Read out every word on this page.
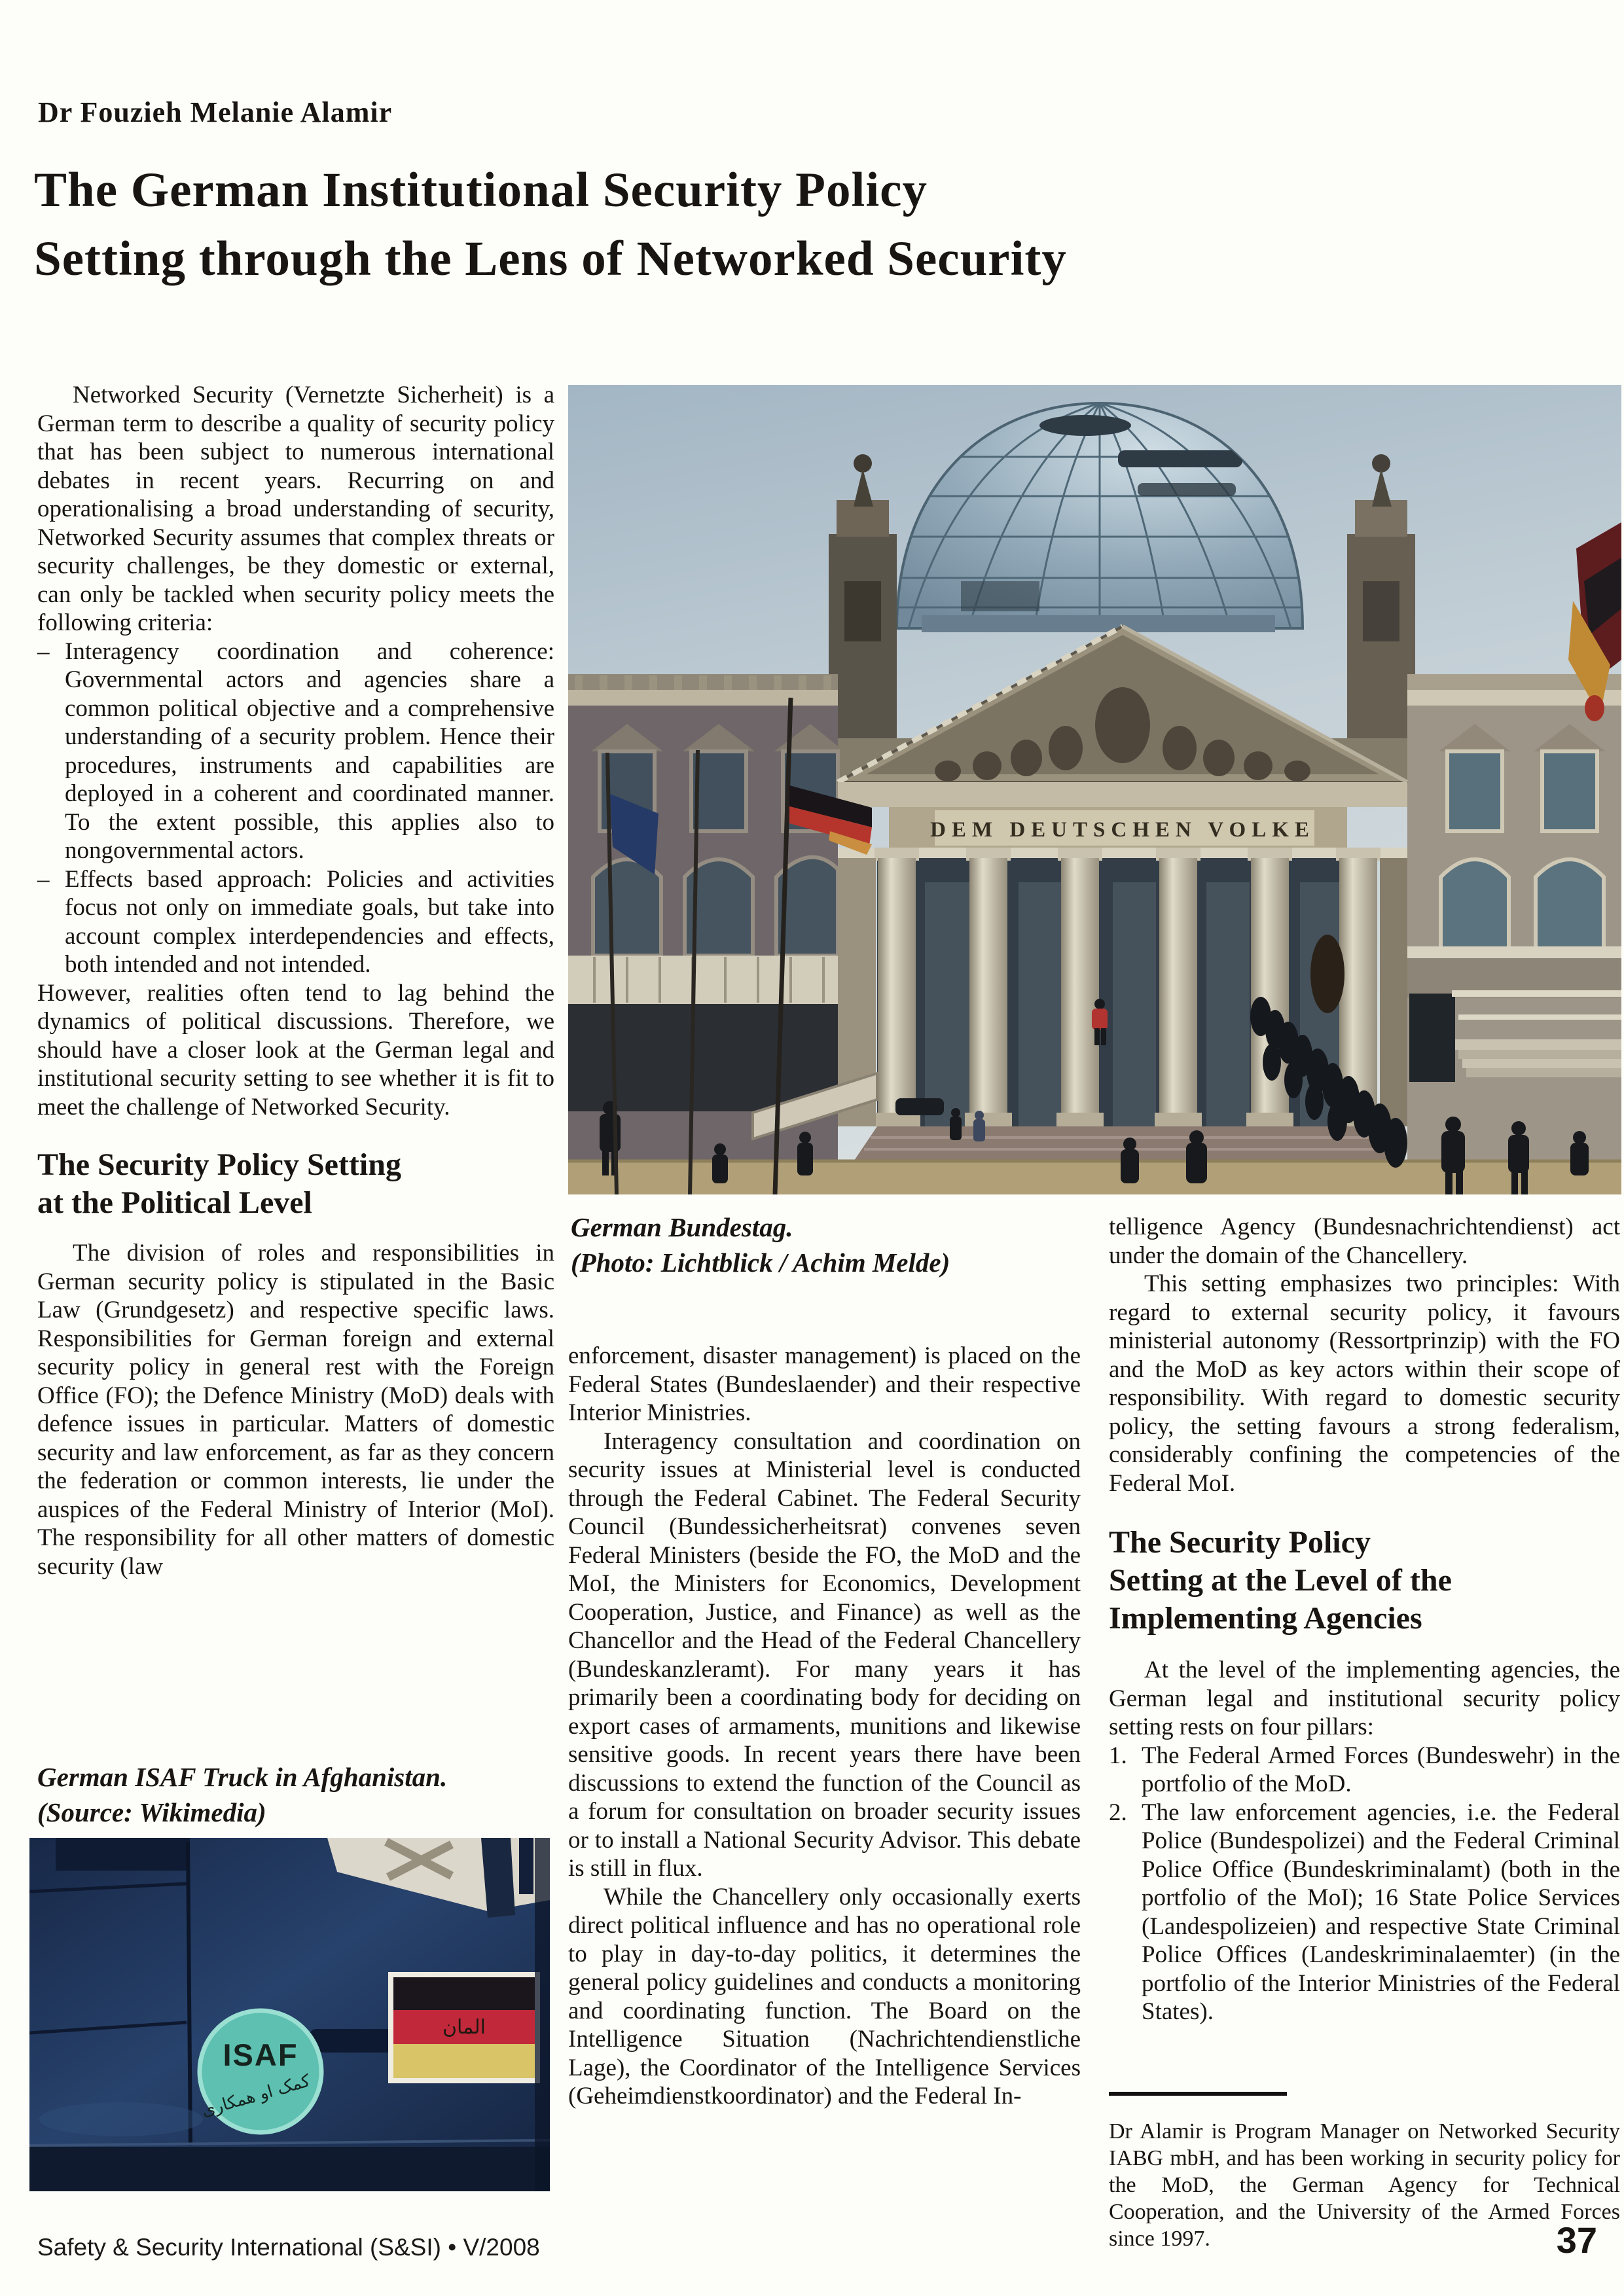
Dr Fouzieh Melanie Alamir
The German Institutional Security Policy
Setting through the Lens of Networked Security

Networked Security (Vernetzte Sicherheit) is a German term to describe a quality of security policy that has been subject to numerous international debates in recent years. Recurring on and operationalising a broad understanding of security, Networked Security assumes that complex threats or security challenges, be they domestic or external, can only be tackled when security policy meets the following criteria:

– Interagency coordination and coherence: Governmental actors and agencies share a common political objective and a comprehensive understanding of a security problem. Hence their procedures, instruments and capabilities are deployed in a coherent and coordinated manner. To the extent possible, this applies also to nongovernmental actors.

– Effects based approach: Policies and activities focus not only on immediate goals, but take into account complex interdependencies and effects, both intended and not intended.

However, realities often tend to lag behind the dynamics of political discussions. Therefore, we should have a closer look at the German legal and institutional security setting to see whether it is fit to meet the challenge of Networked Security.

The Security Policy Setting
at the Political Level

The division of roles and responsibilities in German security policy is stipulated in the Basic Law (Grundgesetz) and respective specific laws. Responsibilities for German foreign and external security policy in general rest with the Foreign Office (FO); the Defence Ministry (MoD) deals with defence issues in particular. Matters of domestic security and law enforcement, as far as they concern the federation or common interests, lie under the auspices of the Federal Ministry of Interior (MoI). The responsibility for all other matters of domestic security (law

German ISAF Truck in Afghanistan.
(Source: Wikimedia)
المان
ISAF
کمک او همکاری
DEM DEUTSCHEN VOLKE
German Bundestag.
(Photo: Lichtblick / Achim Melde)

enforcement, disaster management) is placed on the Federal States (Bundeslaender) and their respective Interior Ministries.

Interagency consultation and coordination on security issues at Ministerial level is conducted through the Federal Cabinet. The Federal Security Council (Bundessicherheitsrat) convenes seven Federal Ministers (beside the FO, the MoD and the MoI, the Ministers for Economics, Development Cooperation, Justice, and Finance) as well as the Chancellor and the Head of the Federal Chancellery (Bundeskanzleramt). For many years it has primarily been a coordinating body for deciding on export cases of armaments, munitions and likewise sensitive goods. In recent years there have been discussions to extend the function of the Council as a forum for consultation on broader security issues or to install a National Security Advisor. This debate is still in flux.

While the Chancellery only occasionally exerts direct political influence and has no operational role to play in day-to-day politics, it determines the general policy guidelines and conducts a monitoring and coordinating function. The Board on the Intelligence Situation (Nachrichtendienstliche Lage), the Coordinator of the Intelligence Services (Geheimdienstkoordinator) and the Federal In-

telligence Agency (Bundesnachrichtendienst) act under the domain of the Chancellery.

This setting emphasizes two principles: With regard to external security policy, it favours ministerial autonomy (Ressortprinzip) with the FO and the MoD as key actors within their scope of responsibility. With regard to domestic security policy, the setting favours a strong federalism, considerably confining the competencies of the Federal MoI.

The Security Policy
Setting at the Level of the
Implementing Agencies

At the level of the implementing agencies, the German legal and institutional security policy setting rests on four pillars:

1. The Federal Armed Forces (Bundeswehr) in the portfolio of the MoD.

2. The law enforcement agencies, i.e. the Federal Police (Bundespolizei) and the Federal Criminal Police Office (Bundeskriminalamt) (both in the portfolio of the MoI); 16 State Police Services (Landespolizeien) and respective State Criminal Police Offices (Landeskriminalaemter) (in the portfolio of the Interior Ministries of the Federal States).

Dr Alamir is Program Manager on Networked Security IABG mbH, and has been working in security policy for the MoD, the German Agency for Technical Cooperation, and the University of the Armed Forces since 1997.

Safety & Security International (S&SI) • V/2008	37
